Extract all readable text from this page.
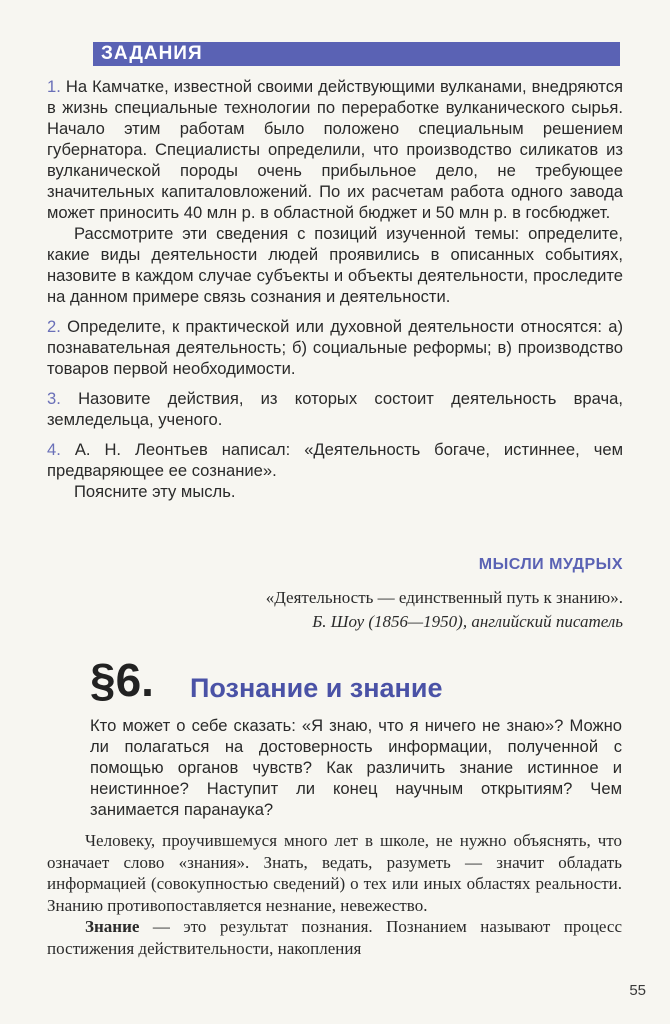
ЗАДАНИЯ

1. На Камчатке, известной своими действующими вулканами, внедряются в жизнь специальные технологии по переработке вулканического сырья. Начало этим работам было положено специальным решением губернатора. Специалисты определили, что производство силикатов из вулканической породы очень прибыльное дело, не требующее значительных капиталовложений. По их расчетам работа одного завода может приносить 40 млн р. в областной бюджет и 50 млн р. в госбюджет.

Рассмотрите эти сведения с позиций изученной темы: определите, какие виды деятельности людей проявились в описанных событиях, назовите в каждом случае субъекты и объекты деятельности, проследите на данном примере связь сознания и деятельности.

2. Определите, к практической или духовной деятельности относятся: а) познавательная деятельность; б) социальные реформы; в) производство товаров первой необходимости.

3. Назовите действия, из которых состоит деятельность врача, земледельца, ученого.

4. А. Н. Леонтьев написал: «Деятельность богаче, истиннее, чем предваряющее ее сознание».

Поясните эту мысль.

МЫСЛИ МУДРЫХ
«Деятельность — единственный путь к знанию».
Б. Шоу (1856—1950), английский писатель
§6. Познание и знание

Кто может о себе сказать: «Я знаю, что я ничего не знаю»? Можно ли полагаться на достоверность информации, полученной с помощью органов чувств? Как различить знание истинное и неистинное? Наступит ли конец научным открытиям? Чем занимается паранаука?

Человеку, проучившемуся много лет в школе, не нужно объяснять, что означает слово «знания». Знать, ведать, разуметь — значит обладать информацией (совокупностью сведений) о тех или иных областях реальности. Знанию противопоставляется незнание, невежество.

Знание — это результат познания. Познанием называют процесс постижения действительности, накопления

55
